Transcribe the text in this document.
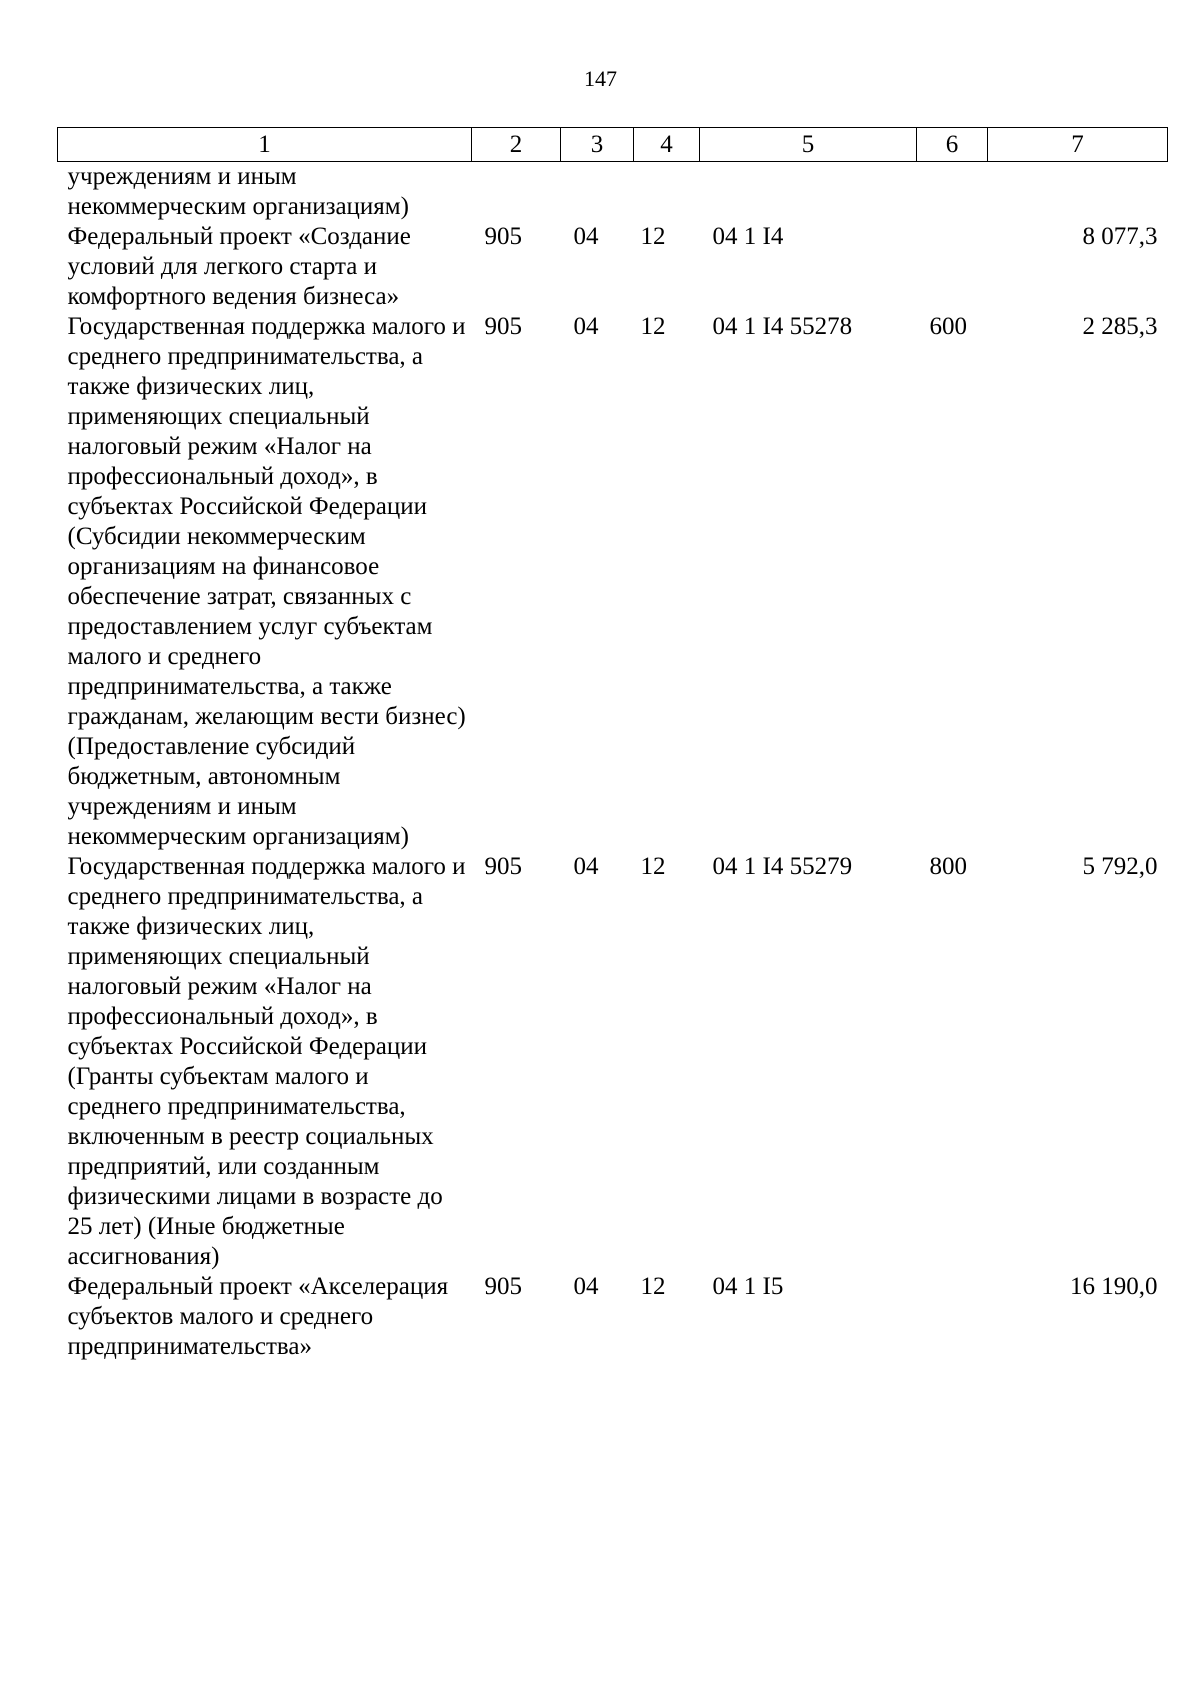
147
1	2	3	4	5	6	7
учреждениям и иным некоммерческим организациям)						
Федеральный проект «Создание условий для легкого старта и комфортного ведения бизнеса»	905	04	12	04 1 I4		8 077,3
Государственная поддержка малого и среднего предпринимательства, а также физических лиц, применяющих специальный налоговый режим «Налог на профессиональный доход», в субъектах Российской Федерации (Субсидии некоммерческим организациям на финансовое обеспечение затрат, связанных с предоставлением услуг субъектам малого и среднего предпринимательства, а также гражданам, желающим вести бизнес) (Предоставление субсидий бюджетным, автономным учреждениям и иным некоммерческим организациям)	905	04	12	04 1 I4 55278	600	2 285,3
Государственная поддержка малого и среднего предпринимательства, а также физических лиц, применяющих специальный налоговый режим «Налог на профессиональный доход», в субъектах Российской Федерации (Гранты субъектам малого и среднего предпринимательства, включенным в реестр социальных предприятий, или созданным физическими лицами в возрасте до 25 лет) (Иные бюджетные ассигнования)	905	04	12	04 1 I4 55279	800	5 792,0
Федеральный проект «Акселерация субъектов малого и среднего предпринимательства»	905	04	12	04 1 I5		16 190,0
